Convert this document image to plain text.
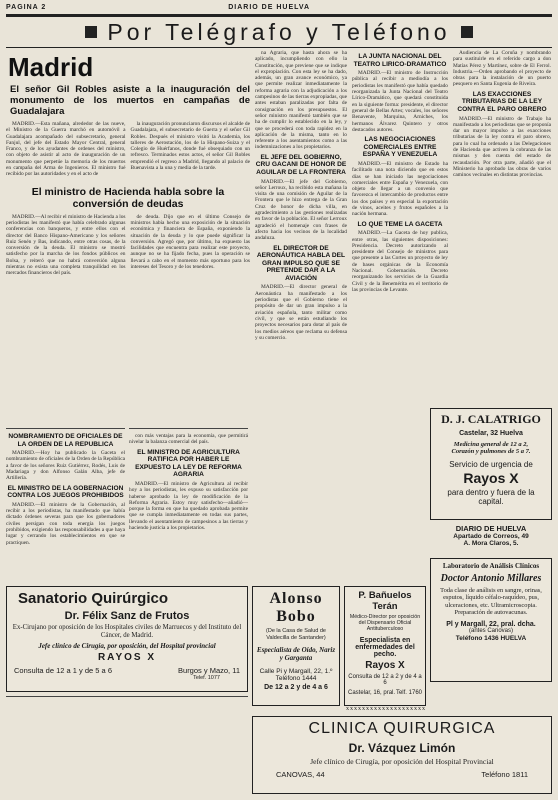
PAGINA 2	DIARIO DE HUELVA
Por Telégrafo y Teléfono
Madrid
El señor Gil Robles asiste a la inauguración del monumento de los muertos en campañas de Guadalajara

MADRID.—Esta mañana, alrededor de las nueve, el Ministro de la Guerra marchó en automóvil a Guadalajara acompañado del subsecretario, general Fanjul, del jefe del Estado Mayor Central, general Franco, y de los ayudantes de ordenes del ministro, con objeto de asistir al acto de inauguración de un monumento que perpetúe la memoria de los muertos en campaña del Arma de Ingenieros. El ministro fué recibido por las autoridades y en el acto de

la inauguración pronunciaron discursos el alcalde de Guadalajara, el subsecretario de Guerra y el señor Gil Robles. Después el ministro visitó la Academia, los talleres de Aerostación, los de la Hispano-Suiza y el Colegio de Huérfanos, donde fué obsequiado con un refresco. Terminados estos actos, el señor Gil Robles emprendió el regreso a Madrid, llegando al palacio de Buenavista a la una y media de la tarde.

El ministro de Hacienda habla sobre la conversión de deudas

MADRID.—Al recibir el ministro de Hacienda a los periodistas les manifestó que había celebrado algunas conferencias con banqueros, y entre ellos con el director del Banco Hispano-Americano y los señores Ruiz Senén y Bas, indicando, entre otras cosas, de la conversión de la deuda. El ministro se mostró satisfecho por la marcha de los fondos públicos en Bolsa, y reiteró que no habrá conversión alguna mientras no exista una completa tranquilidad en los mercados financieros del país.

de deuda. Dijo que en el último Consejo de ministros había hecho una exposición de la situación económica y financiera de España, exponiendo la situación de la deuda y lo que puede significar la conversión. Agregó que, por último, ha expuesto las facilidades que encuentra para realizar este proyecto, aunque no se ha fijado fecha, pues la operación se llevará a cabo en el momento más oportuno para los intereses del Tesoro y de los tenedores.

na Agraria, que hasta ahora se ha aplicado, incumpliendo con ello la Constitución, que previene que se indique el expropiación. Con esta ley se ha dado, además, un gran avance económico, ya que permite realizar inmediatamente la reforma agraria con la adjudicación a los campesinos de las tierras expropiadas, que antes estaban paralizadas por falta de consignación en los presupuestos. El señor ministro manifestó también que se ha de cumplir lo establecido en la ley, y que se procederá con toda rapidez en la aplicación de la misma, tanto en lo referente a los asentamientos como a las indemnizaciones a los propietarios.

EL JEFE DEL GOBIERNO, CRU GACANI DE HONOR DE AGUILAR DE LA FRONTERA

MADRID.—El jefe del Gobierno, señor Lerroux, ha recibido esta mañana la visita de una comisión de Aguilar de la Frontera que le hizo entrega de la Gran Cruz de honor de dicha villa, en agradecimiento a las gestiones realizadas en favor de la población. El señor Lerroux agradeció el homenaje con frases de afecto hacia los vecinos de la localidad andaluza.

EL DIRECTOR DE AERONÁUTICA HABLA DEL GRAN IMPULSO QUE SE PRETENDE DAR A LA AVIACIÓN

MADRID.—El director general de Aeronáutica ha manifestado a los periodistas que el Gobierno tiene el propósito de dar un gran impulso a la aviación española, tanto militar como civil, y que se están estudiando los proyectos necesarios para dotar al país de los medios aéreos que reclama su defensa y su comercio.

LA JUNTA NACIONAL DEL TEATRO LIRICO-DRAMATICO

MADRID.—El ministro de Instrucción pública al recibir a mediodía a los periodistas les manifestó que había quedado reorganizada la Junta Nacional del Teatro Lírico-Dramático, que quedará constituida en la siguiente forma: presidente, el director general de Bellas Artes; vocales, los señores Benavente, Marquina, Arniches, los hermanos Álvarez Quintero y otros destacados autores.

LAS NEGOCIACIONES COMERCIALES ENTRE ESPAÑA Y VENEZUELA

MADRID.—El ministro de Estado ha facilitado una nota diciendo que en estos días se han iniciado las negociaciones comerciales entre España y Venezuela, con objeto de llegar a un convenio que favorezca el intercambio de productos entre los dos países y en especial la exportación de vinos, aceites y frutos españoles a la nación hermana.

LO QUE TEME LA GACETA

MADRID.—La Gaceta de hoy publica, entre otras, las siguientes disposiciones: Presidencia. Decreto autorizando al presidente del Consejo de ministros para que presente a las Cortes un proyecto de ley de bases orgánicas de la Economía Nacional. Gobernación. Decreto reorganizando los servicios de la Guardia Civil y de la Benemérita en el territorio de las provincias de Levante.

Audiencia de La Coruña y nombrando para sustituirle en el referido cargo a don Matías Pérez y Martínez, sobre de El Ferrol. Industria.—Orden aprobando el proyecto de obras para la instalación de un puerto pesquero en Santa Eugenia de Riveira.

LAS EXACCIONES TRIBUTARIAS DE LA LEY CONTRA EL PARO OBRERO

MADRID.—El ministro de Trabajo ha manifestado a los periodistas que se proponía dar un mayor impulso a las exacciones tributarias de la ley contra el paro obrero, para lo cual ha ordenado a las Delegaciones de Hacienda que activen la cobranza de las mismas y den cuenta del estado de recaudación. Por otra parte, añadió que el Ministerio ha aprobado las obras de varios caminos vecinales en distintas provincias.

NOMBRAMIENTO DE OFICIALES DE LA ORDEN DE LA REPUBLICA

MADRID.—Hoy ha publicado la Gaceta el nombramiento de oficiales de la Orden de la República a favor de los señores Ruiz Gutiérrez, Rodés, Luis de Madariaga y don Alfonso Galán Alba, jefe de Artillería.

EL MINISTRO DE LA GOBERNACION CONTRA LOS JUEGOS PROHIBIDOS

MADRID.—El ministro de la Gobernación, al recibir a los periodistas, ha manifestado que había dictado órdenes severas para que los gobernadores civiles persigan con toda energía los juegos prohibidos, exigiendo las responsabilidades a que haya lugar y cerrando los establecimientos en que se practiquen.

con más ventajas para la economía, que permitirá nivelar la balanza comercial del país.

EL MINISTRO DE AGRICULTURA RATIFICA POR HABER LE EXPUESTO LA LEY DE REFORMA AGRARIA

MADRID.—El ministro de Agricultura al recibir hoy a los periodistas, les expuso su satisfacción por haberse aprobado la ley de modificación de la Reforma Agraria. Estoy muy satisfecho—añadió—porque la forma en que ha quedado aprobada permite que se cumpla inmediatamente en todas sus partes, llevando el asentamiento de campesinos a las tierras y haciendo justicia a los propietarios.

D. J. CALATRIGO
Castelar, 32 Huelva
Medicina general de 12 a 2,
Corazón y pulmones de 5 a 7.
Servicio de urgencia de
Rayos X
para dentro y fuera de la capital.
DIARIO DE HUELVA
Apartado de Correos, 49
A. Mora Claros, 5.
Laboratorio de Análisis Clínicos
Doctor Antonio Millares
Toda clase de análisis en sangre, orinas, esputos, líquido céfalo-raquídeo, pus, ulceraciones, etc. Ultramicroscopia. Preparación de autovacunas.
Pl y Margall, 22, pral. dcha.
(antes Canovas)
Teléfono 1436 HUELVA
Sanatorio Quirúrgico
Dr. Félix Sanz de Frutos
Ex-Cirujano por oposición de los Hospitales civiles de Marruecos y del Instituto del Cáncer, de Madrid.
Jefe clínico de Cirugía, por oposición, del Hospital provincial
RAYOS X
Consulta de 12 a 1 y de 5 a 6	Burgos y Mazo, 11
Telef. 1077
Alonso Bobo
(De la Casa de Salud de Valdecilla de Santander)
Especialista de Oído, Nariz y Garganta
Calle Pi y Margall, 22, 1.º
Teléfono 1444
De 12 a 2 y de 4 a 6
P. Bañuelos Terán
Médico-Director por oposición del Dispensario Oficial Antituberculoso
Especialista en enfermedades del pecho.
Rayos X
Consulta de 12 a 2 y de 4 a 6
Castelar, 16, pral. Telf. 1760
xxxxxxxxxxxxxxxxxxxx
CLINICA QUIRURGICA
Dr. Vázquez Limón
Jefe clínico de Cirugía, por oposición del Hospital Provincial
CANOVAS, 44	Teléfono 1811
